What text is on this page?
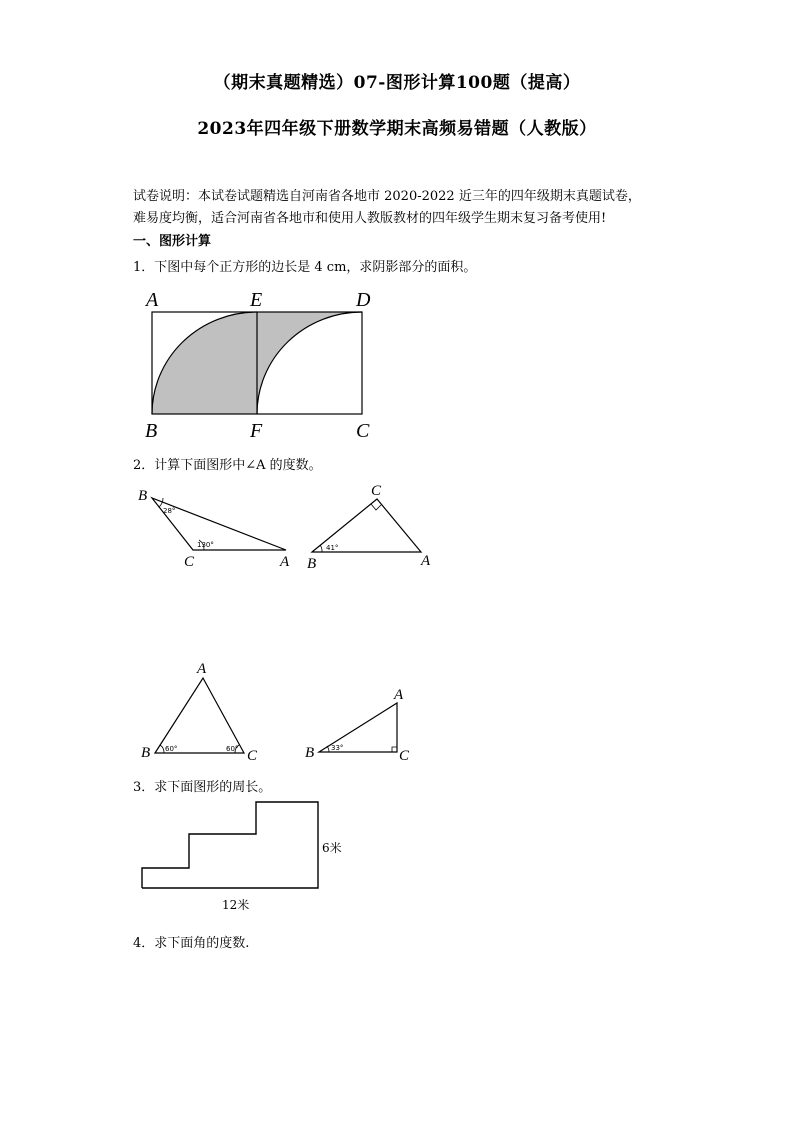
（期末真题精选）07-图形计算100题（提高）
2023年四年级下册数学期末高频易错题（人教版）
试卷说明：本试卷试题精选自河南省各地市 2020-2022 近三年的四年级期末真题试卷，
难易度均衡，适合河南省各地市和使用人教版教材的四年级学生期末复习备考使用!
一、图形计算
1．下图中每个正方形的边长是 4 cm，求阴影部分的面积。
A	E	D
B	F	C
2．计算下面图形中∠A 的度数。
B
C	A
28°
130°
C
B	A
41°
A
B	C
60°	60°
A
B	C
33°
3．求下面图形的周长。
6米
12米
4．求下面角的度数.
